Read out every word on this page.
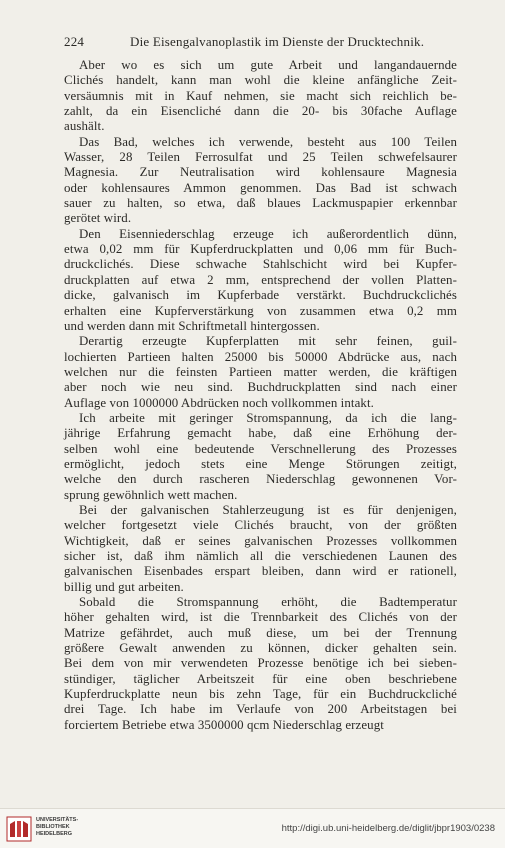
224	Die Eisengalvanoplastik im Dienste der Drucktechnik.
Aber wo es sich um gute Arbeit und langandauernde
Clichés handelt, kann man wohl die kleine anfängliche Zeit-
versäumnis mit in Kauf nehmen, sie macht sich reichlich be-
zahlt, da ein Eisencliché dann die 20- bis 30fache Auflage
aushält.
Das Bad, welches ich verwende, besteht aus 100 Teilen
Wasser, 28 Teilen Ferrosulfat und 25 Teilen schwefelsaurer
Magnesia. Zur Neutralisation wird kohlensaure Magnesia
oder kohlensaures Ammon genommen. Das Bad ist schwach
sauer zu halten, so etwa, daß blaues Lackmuspapier erkennbar
gerötet wird.
Den Eisenniederschlag erzeuge ich außerordentlich dünn,
etwa 0,02 mm für Kupferdruckplatten und 0,06 mm für Buch-
druckclichés. Diese schwache Stahlschicht wird bei Kupfer-
druckplatten auf etwa 2 mm, entsprechend der vollen Platten-
dicke, galvanisch im Kupferbade verstärkt. Buchdruckclichés
erhalten eine Kupferverstärkung von zusammen etwa 0,2 mm
und werden dann mit Schriftmetall hintergossen.
Derartig erzeugte Kupferplatten mit sehr feinen, guil-
lochierten Partieen halten 25000 bis 50000 Abdrücke aus, nach
welchen nur die feinsten Partieen matter werden, die kräftigen
aber noch wie neu sind. Buchdruckplatten sind nach einer
Auflage von 1000000 Abdrücken noch vollkommen intakt.
Ich arbeite mit geringer Stromspannung, da ich die lang-
jährige Erfahrung gemacht habe, daß eine Erhöhung der-
selben wohl eine bedeutende Verschnellerung des Prozesses
ermöglicht, jedoch stets eine Menge Störungen zeitigt,
welche den durch rascheren Niederschlag gewonnenen Vor-
sprung gewöhnlich wett machen.
Bei der galvanischen Stahlerzeugung ist es für denjenigen,
welcher fortgesetzt viele Clichés braucht, von der größten
Wichtigkeit, daß er seines galvanischen Prozesses vollkommen
sicher ist, daß ihm nämlich all die verschiedenen Launen des
galvanischen Eisenbades erspart bleiben, dann wird er rationell,
billig und gut arbeiten.
Sobald die Stromspannung erhöht, die Badtemperatur
höher gehalten wird, ist die Trennbarkeit des Clichés von der
Matrize gefährdet, auch muß diese, um bei der Trennung
größere Gewalt anwenden zu können, dicker gehalten sein.
Bei dem von mir verwendeten Prozesse benötige ich bei sieben-
stündiger, täglicher Arbeitszeit für eine oben beschriebene
Kupferdruckplatte neun bis zehn Tage, für ein Buchdruckcliché
drei Tage. Ich habe im Verlaufe von 200 Arbeitstagen bei
forciertem Betriebe etwa 3500000 qcm Niederschlag erzeugt
UNIVERSITÄTS-
BIBLIOTHEK
HEIDELBERG	http://digi.ub.uni-heidelberg.de/diglit/jbpr1903/0238
